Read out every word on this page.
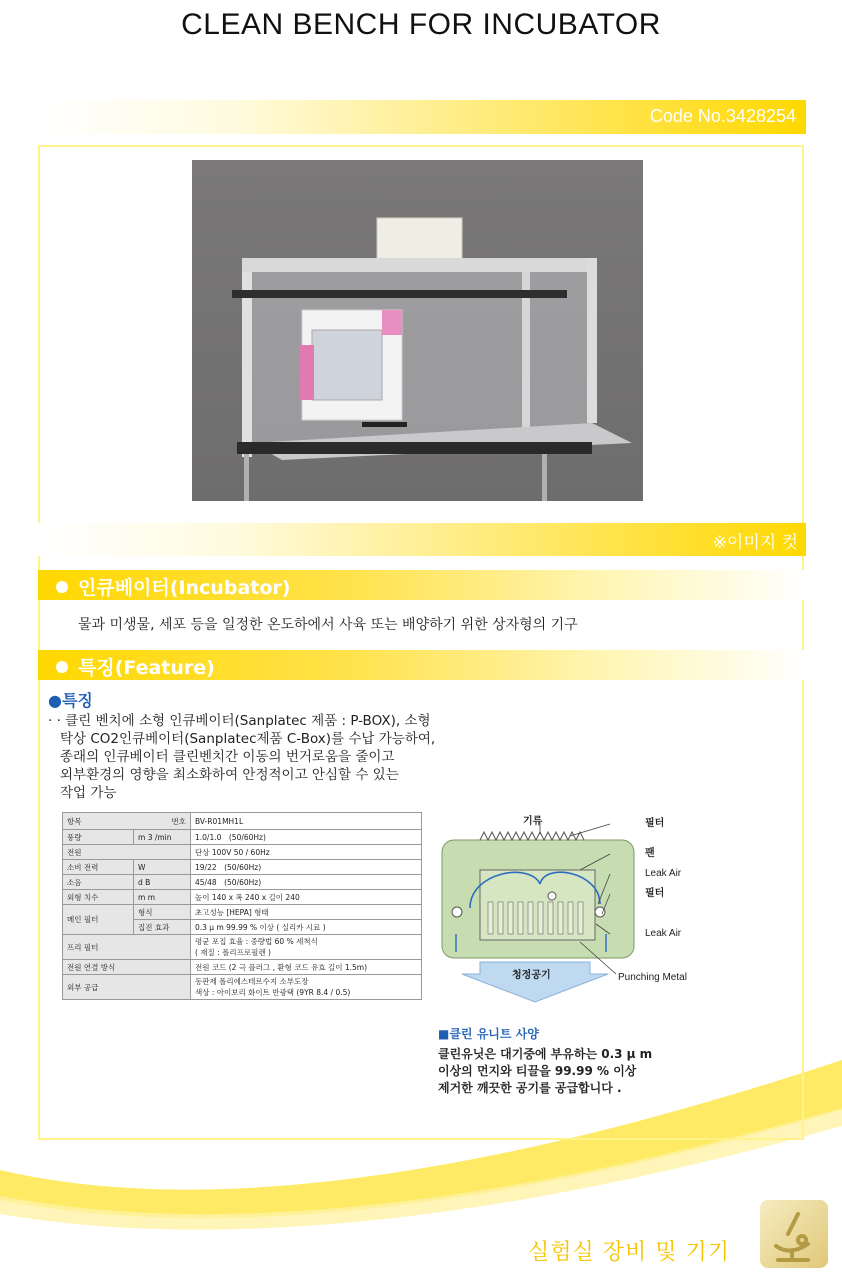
CLEAN BENCH FOR INCUBATOR
Code No.3428254
※이미지 컷
인큐베이터(Incubator)
물과 미생물, 세포 등을 일정한 온도하에서 사육 또는 배양하기 위한 상자형의 기구
특징(Feature)
●특징

· · 클린 벤치에 소형 인큐베이터(Sanplatec 제품 : P-BOX), 소형

탁상 CO2인큐베이터(Sanplatec제품 C-Box)를 수납 가능하여,

종래의 인큐베이터 클린벤치간 이동의 번거로움을 줄이고

외부환경의 영향을 최소화하여 안정적이고 안심할 수 있는

작업 가능

항목 번호		BV-R01MH1L
풍량	m 3 /min	1.0/1.0　(50/60Hz)
전원		단상 100V 50 / 60Hz
소비 전력	W	19/22　(50/60Hz)
소음	d B	45/48　(50/60Hz)
외형 치수	m m	높이 140 x 폭 240 x 길이 240
메인 필터	형식	초고성능 [HEPA] 형태
	집진 효과	0.3 μ m 99.99 % 이상 ( 실리카 시료 )
프리 필터		평균 포집 효율 : 중량법 60 % 세척식
( 재질 : 폴리프로필렌 )

전원 연결 방식		전원 코드 (2 극 플러그 , 환형 코드 유효 길이 1.5m)
외부 공급		동판제 폴리에스테르수지 소부도장
색상 : 아이보리 화이트 반광택 (9YR 8.4 / 0.5)
기류	필터
팬
Leak Air
필터
Leak Air
청정공기	Punching Metal
■클린 유니트 사양

클린유닛은 대기중에 부유하는 0.3 μ m

이상의 먼지와 티끌을 99.99 % 이상

제거한 깨끗한 공기를 공급합니다 .

실험실 장비 및 기기
